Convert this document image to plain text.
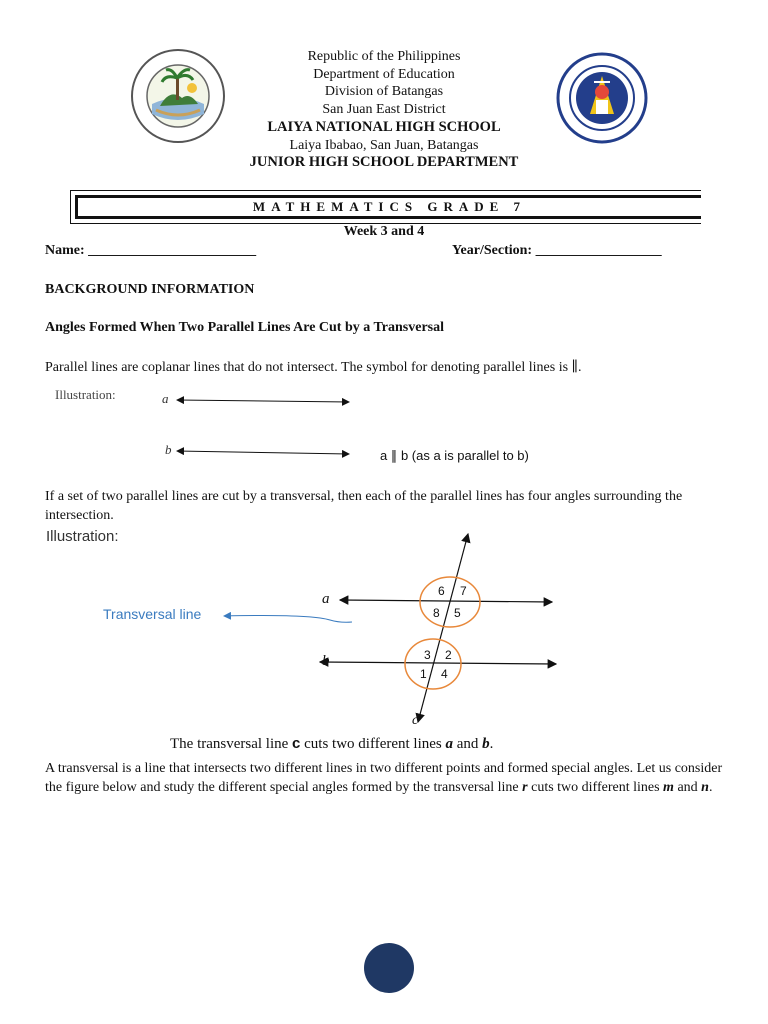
Republic of the Philippines
Department of Education
Division of Batangas
San Juan East District
LAIYA NATIONAL HIGH SCHOOL
Laiya Ibabao, San Juan, Batangas
JUNIOR HIGH SCHOOL DEPARTMENT
MATHEMATICS GRADE 7
Week 3 and 4
Name: ________________________	Year/Section: __________________
BACKGROUND INFORMATION
Angles Formed When Two Parallel Lines Are Cut by a Transversal
Parallel lines are coplanar lines that do not intersect. The symbol for denoting parallel lines is ∥.
Illustration:	a
b	a ∥ b (as a is parallel to b)
If a set of two parallel lines are cut by a transversal, then each of the parallel lines has four angles surrounding the intersection.
Illustration:
Transversal line
a
b
c
6 7
8 5
3 2
1 4
The transversal line c cuts two different lines a and b.
A transversal is a line that intersects two different lines in two different points and formed special angles. Let us consider the figure below and study the different special angles formed by the transversal line r cuts two different lines m and n.
